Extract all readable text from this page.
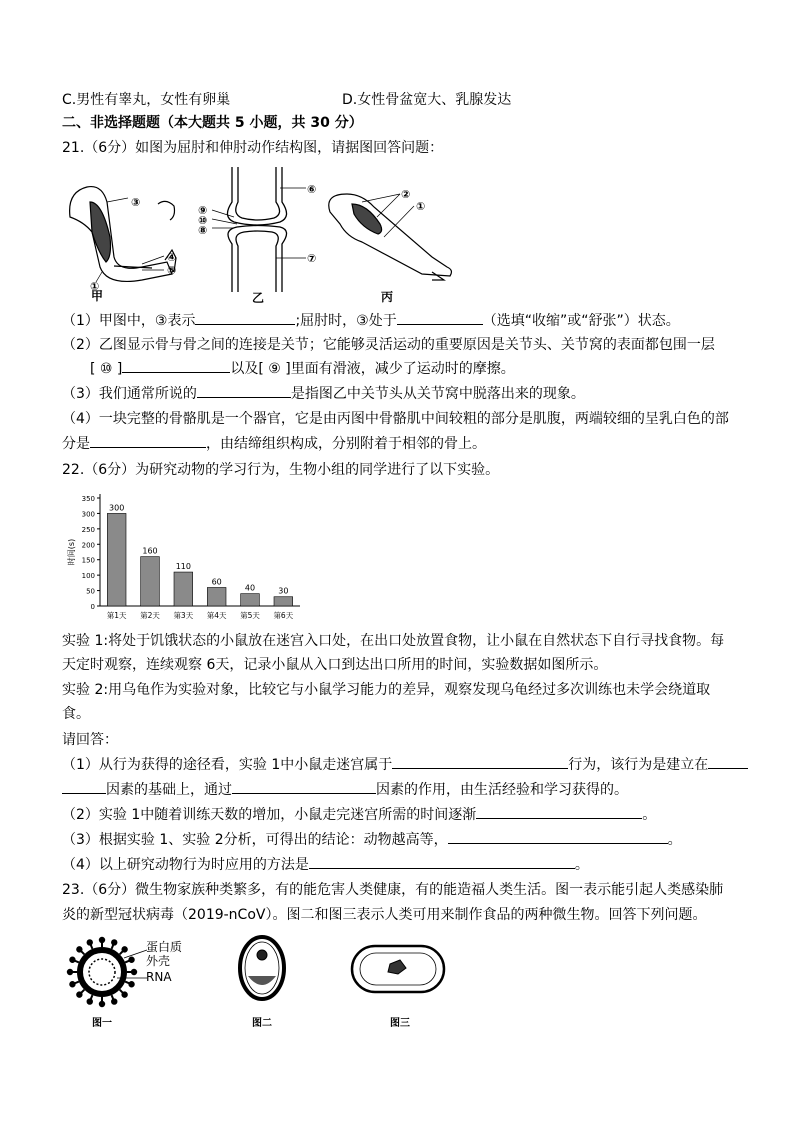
C.男性有睾丸，女性有卵巢	D.女性骨盆宽大、乳腺发达
二、非选择题题（本大题共 5 小题，共 30 分）
21.（6分）如图为屈肘和伸肘动作结构图，请据图回答问题：
③
④
⑤
①
⑨
⑩
⑧
⑥
⑦
②
①
甲	乙	丙
（1）甲图中，③表示	;屈肘时，③处于	（选填“收缩”或“舒张”）状态。
（2）乙图显示骨与骨之间的连接是关节；它能够灵活运动的重要原因是关节头、关节窝的表面都包围一层
[ ⑩ ]	以及[ ⑨ ]里面有滑液，减少了运动时的摩擦。
（3）我们通常所说的	是指图乙中关节头从关节窝中脱落出来的现象。
（4）一块完整的骨骼肌是一个器官，它是由丙图中骨骼肌中间较粗的部分是肌腹，两端较细的呈乳白色的部
分是	，由结缔组织构成，分别附着于相邻的骨上。
22.（6分）为研究动物的学习行为，生物小组的同学进行了以下实验。
0
50
100
150
200
250
300
350
时间(s)
300
第1天
160
第2天
110
第3天
60
第4天
40
第5天
30
第6天
实验 1:将处于饥饿状态的小鼠放在迷宫入口处，在出口处放置食物，让小鼠在自然状态下自行寻找食物。每
天定时观察，连续观察 6天，记录小鼠从入口到达出口所用的时间，实验数据如图所示。
实验 2:用乌龟作为实验对象，比较它与小鼠学习能力的差异，观察发现乌龟经过多次训练也未学会绕道取
食。
请回答：
（1）从行为获得的途径看，实验 1中小鼠走迷宫属于	行为，该行为是建立在
因素的基础上，通过	因素的作用，由生活经验和学习获得的。
（2）实验 1中随着训练天数的增加，小鼠走完迷宫所需的时间逐渐	。
（3）根据实验 1、实验 2分析，可得出的结论：动物越高等，	。
（4）以上研究动物行为时应用的方法是	。
23.（6分）微生物家族种类繁多，有的能危害人类健康，有的能造福人类生活。图一表示能引起人类感染肺
炎的新型冠状病毒（2019-nCoV）。图二和图三表示人类可用来制作食品的两种微生物。回答下列问题。
蛋白质
外壳
RNA
图一	图二	图三
